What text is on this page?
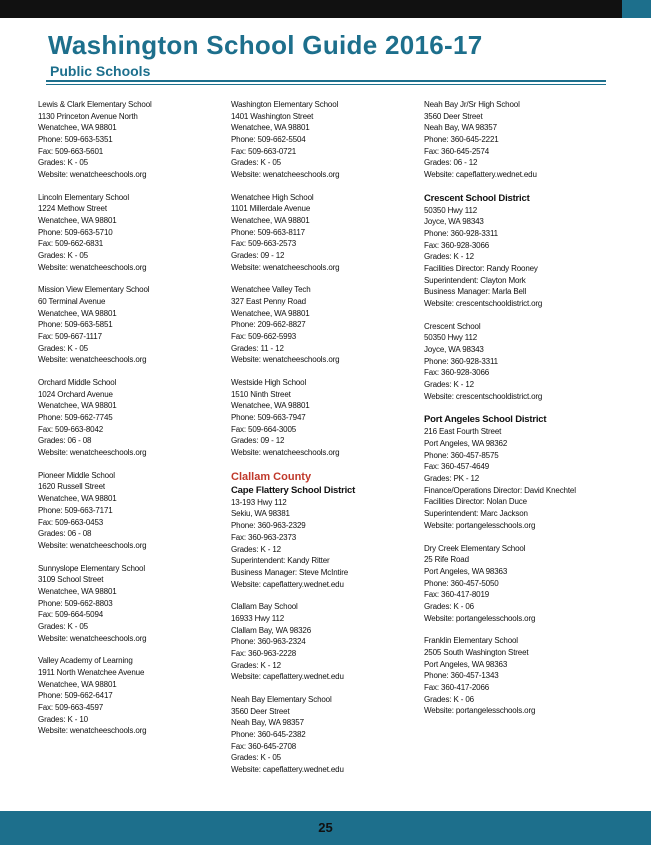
Washington School Guide 2016-17
Public Schools
Lewis & Clark Elementary School
1130 Princeton Avenue North
Wenatchee, WA 98801
Phone: 509-663-5351
Fax: 509-663-5601
Grades: K - 05
Website: wenatcheeschools.org
Lincoln Elementary School
1224 Methow Street
Wenatchee, WA 98801
Phone: 509-663-5710
Fax: 509-662-6831
Grades: K - 05
Website: wenatcheeschools.org
Mission View Elementary School
60 Terminal Avenue
Wenatchee, WA 98801
Phone: 509-663-5851
Fax: 509-667-1117
Grades: K - 05
Website: wenatcheeschools.org
Orchard Middle School
1024 Orchard Avenue
Wenatchee, WA 98801
Phone: 509-662-7745
Fax: 509-663-8042
Grades: 06 - 08
Website: wenatcheeschools.org
Pioneer Middle School
1620 Russell Street
Wenatchee, WA 98801
Phone: 509-663-7171
Fax: 509-663-0453
Grades: 06 - 08
Website: wenatcheeschools.org
Sunnyslope Elementary School
3109 School Street
Wenatchee, WA 98801
Phone: 509-662-8803
Fax: 509-664-5094
Grades: K - 05
Website: wenatcheeschools.org
Valley Academy of Learning
1911 North Wenatchee Avenue
Wenatchee, WA 98801
Phone: 509-662-6417
Fax: 509-663-4597
Grades: K - 10
Website: wenatcheeschools.org
Washington Elementary School
1401 Washington Street
Wenatchee, WA 98801
Phone: 509-662-5504
Fax: 509-663-0721
Grades: K - 05
Website: wenatcheeschools.org
Wenatchee High School
1101 Millerdale Avenue
Wenatchee, WA 98801
Phone: 509-663-8117
Fax: 509-663-2573
Grades: 09 - 12
Website: wenatcheeschools.org
Wenatchee Valley Tech
327 East Penny Road
Wenatchee, WA 98801
Phone: 209-662-8827
Fax: 509-662-5993
Grades: 11 - 12
Website: wenatcheeschools.org
Westside High School
1510 Ninth Street
Wenatchee, WA 98801
Phone: 509-663-7947
Fax: 509-664-3005
Grades: 09 - 12
Website: wenatcheeschools.org
Clallam County
Cape Flattery School District
13-193 Hwy 112
Sekiu, WA 98381
Phone: 360-963-2329
Fax: 360-963-2373
Grades: K - 12
Superintendent: Kandy Ritter
Business Manager: Steve McIntire
Website: capeflattery.wednet.edu
Clallam Bay School
16933 Hwy 112
Clallam Bay, WA 98326
Phone: 360-963-2324
Fax: 360-963-2228
Grades: K - 12
Website: capeflattery.wednet.edu
Neah Bay Elementary School
3560 Deer Street
Neah Bay, WA 98357
Phone: 360-645-2382
Fax: 360-645-2708
Grades: K - 05
Website: capeflattery.wednet.edu
Neah Bay Jr/Sr High School
3560 Deer Street
Neah Bay, WA 98357
Phone: 360-645-2221
Fax: 360-645-2574
Grades: 06 - 12
Website: capeflattery.wednet.edu
Crescent School District
50350 Hwy 112
Joyce, WA 98343
Phone: 360-928-3311
Fax: 360-928-3066
Grades: K - 12
Facilities Director: Randy Rooney
Superintendent: Clayton Mork
Business Manager: Marla Bell
Website: crescentschooldistrict.org
Crescent School
50350 Hwy 112
Joyce, WA 98343
Phone: 360-928-3311
Fax: 360-928-3066
Grades: K - 12
Website: crescentschooldistrict.org
Port Angeles School District
216 East Fourth Street
Port Angeles, WA 98362
Phone: 360-457-8575
Fax: 360-457-4649
Grades: PK - 12
Finance/Operations Director: David Knechtel
Facilities Director: Nolan Duce
Superintendent: Marc Jackson
Website: portangelesschools.org
Dry Creek Elementary School
25 Rife Road
Port Angeles, WA 98363
Phone: 360-457-5050
Fax: 360-417-8019
Grades: K - 06
Website: portangelesschools.org
Franklin Elementary School
2505 South Washington Street
Port Angeles, WA 98363
Phone: 360-457-1343
Fax: 360-417-2066
Grades: K - 06
Website: portangelesschools.org
25
